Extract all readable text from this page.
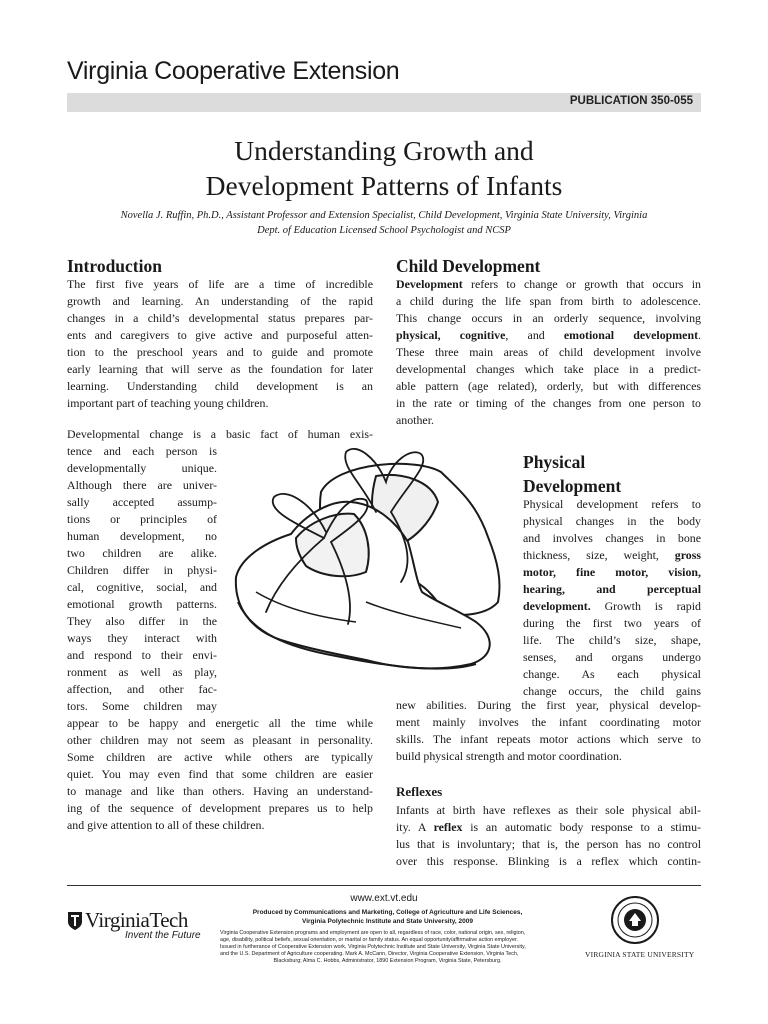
Virginia Cooperative Extension
PUBLICATION 350-055
Understanding Growth and
Development Patterns of Infants
Novella J. Ruffin, Ph.D., Assistant Professor and Extension Specialist, Child Development, Virginia State University, Virginia
Dept. of Education Licensed School Psychologist and NCSP
Introduction
The first five years of life are a time of incredible
growth and learning. An understanding of the rapid
changes in a child’s developmental status prepares par-
ents and caregivers to give active and purposeful atten-
tion to the preschool years and to guide and promote
early learning that will serve as the foundation for later
learning. Understanding child development is an
important part of teaching young children.
Developmental change is a basic fact of human exis-
tence and each person is
developmentally unique.
Although there are univer-
sally accepted assump-
tions or principles of
human development, no
two children are alike.
Children differ in physi-
cal, cognitive, social, and
emotional growth patterns.
They also differ in the
ways they interact with
and respond to their envi-
ronment as well as play,
affection, and other fac-
tors. Some children may
appear to be happy and energetic all the time while
other children may not seem as pleasant in personality.
Some children are active while others are typically
quiet. You may even find that some children are easier
to manage and like than others. Having an understand-
ing of the sequence of development prepares us to help
and give attention to all of these children.
Child Development
Development refers to change or growth that occurs in
a child during the life span from birth to adolescence.
This change occurs in an orderly sequence, involving
physical, cognitive, and emotional development.
These three main areas of child development involve
developmental changes which take place in a predict-
able pattern (age related), orderly, but with differences
in the rate or timing of the changes from one person to
another.
Physical
Development
Physical development refers to
physical changes in the body
and involves changes in bone
thickness, size, weight, gross
motor, fine motor, vision,
hearing, and perceptual
development. Growth is rapid
during the first two years of
life. The child’s size, shape,
senses, and organs undergo
change. As each physical
change occurs, the child gains
new abilities. During the first year, physical develop-
ment mainly involves the infant coordinating motor
skills. The infant repeats motor actions which serve to
build physical strength and motor coordination.
Reflexes
Infants at birth have reflexes as their sole physical abil-
ity. A reflex is an automatic body response to a stimu-
lus that is involuntary; that is, the person has no control
over this response. Blinking is a reflex which contin-
www.ext.vt.edu
Produced by Communications and Marketing, College of Agriculture and Life Sciences,
Virginia Polytechnic Institute and State University, 2009
Virginia Cooperative Extension programs and employment are open to all, regardless of race, color, national origin, sex, religion,
age, disability, political beliefs, sexual orientation, or marital or family status. An equal opportunity/affirmative action employer.
Issued in furtherance of Cooperative Extension work, Virginia Polytechnic Institute and State University, Virginia State University,
and the U.S. Department of Agriculture cooperating. Mark A. McCann, Director, Virginia Cooperative Extension, Virginia Tech,
Blacksburg; Alma C. Hobbs, Administrator, 1890 Extension Program, Virginia State, Petersburg.
VirginiaTech
Invent the Future
VIRGINIA STATE UNIVERSITY
